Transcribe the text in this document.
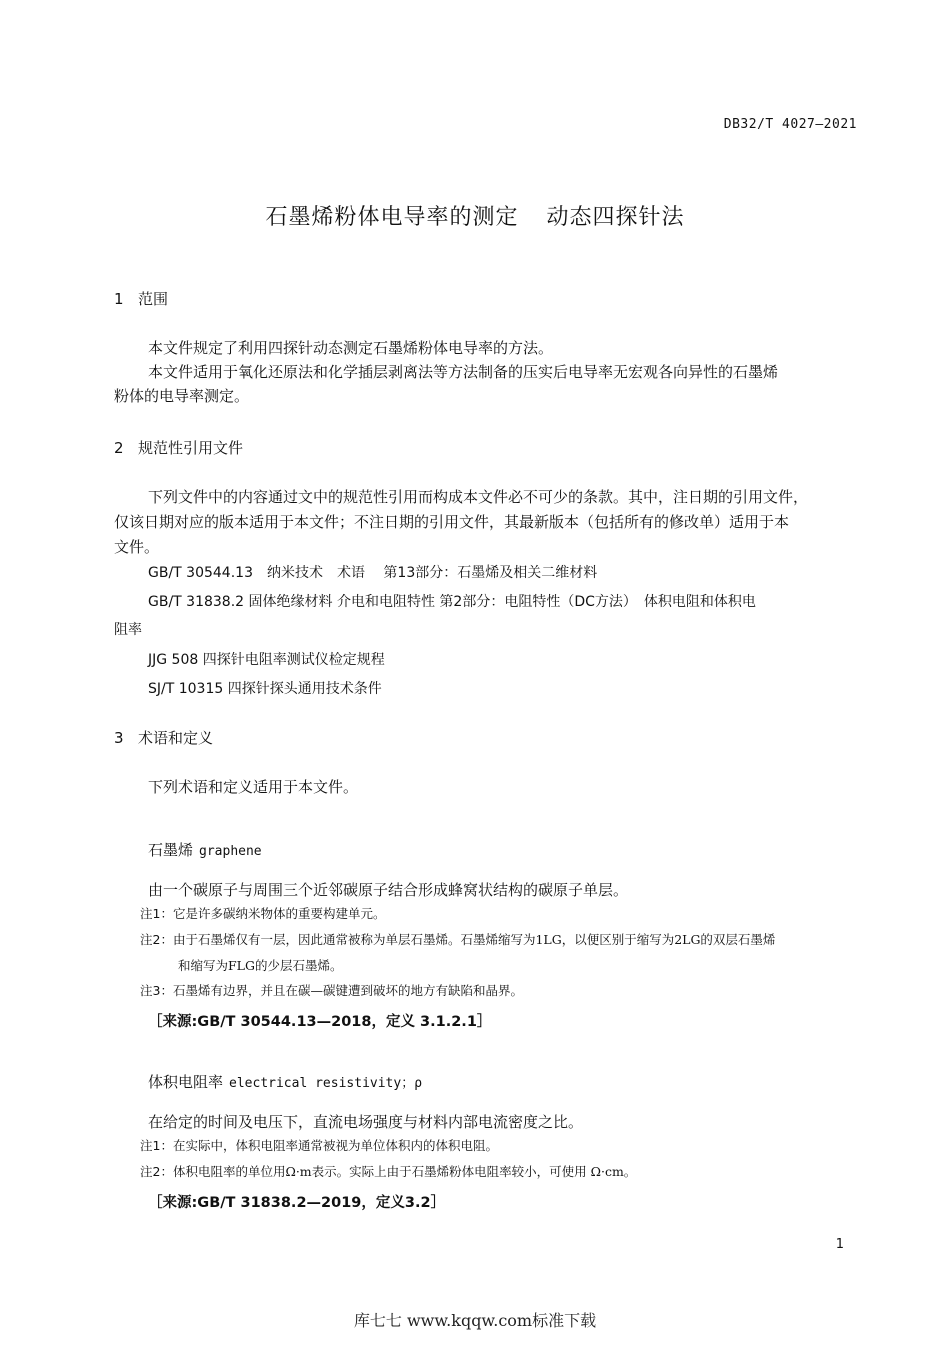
DB32/T 4027—2021
石墨烯粉体电导率的测定 动态四探针法
1 范围
本文件规定了利用四探针动态测定石墨烯粉体电导率的方法。
本文件适用于氧化还原法和化学插层剥离法等方法制备的压实后电导率无宏观各向异性的石墨烯
粉体的电导率测定。
2 规范性引用文件
下列文件中的内容通过文中的规范性引用而构成本文件必不可少的条款。其中，注日期的引用文件，
仅该日期对应的版本适用于本文件；不注日期的引用文件，其最新版本（包括所有的修改单）适用于本
文件。
GB/T 30544.13　纳米技术　术语　 第13部分：石墨烯及相关二维材料
GB/T 31838.2 固体绝缘材料 介电和电阻特性 第2部分：电阻特性（DC方法）　体积电阻和体积电
阻率
JJG 508 四探针电阻率测试仪检定规程
SJ/T 10315 四探针探头通用技术条件
3 术语和定义
下列术语和定义适用于本文件。
石墨烯 graphene
由一个碳原子与周围三个近邻碳原子结合形成蜂窝状结构的碳原子单层。
注1：它是许多碳纳米物体的重要构建单元。
注2：由于石墨烯仅有一层，因此通常被称为单层石墨烯。石墨烯缩写为1LG，以便区别于缩写为2LG的双层石墨烯
和缩写为FLG的少层石墨烯。
注3：石墨烯有边界，并且在碳—碳键遭到破坏的地方有缺陷和晶界。
［来源:GB/T 30544.13—2018，定义 3.1.2.1］
体积电阻率 electrical resistivity；ρ
在给定的时间及电压下，直流电场强度与材料内部电流密度之比。
注1：在实际中，体积电阻率通常被视为单位体积内的体积电阻。
注2：体积电阻率的单位用Ω·m表示。实际上由于石墨烯粉体电阻率较小，可使用 Ω·cm。
［来源:GB/T 31838.2—2019，定义3.2］
1
库七七 www.kqqw.com标准下载
